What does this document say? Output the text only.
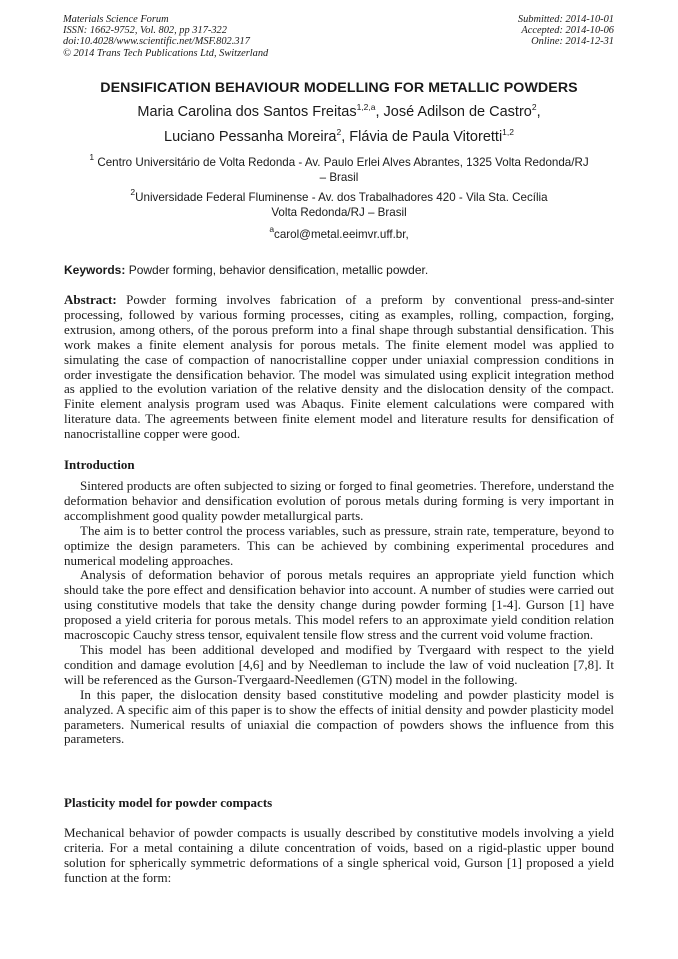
Materials Science Forum
ISSN: 1662-9752, Vol. 802, pp 317-322
doi:10.4028/www.scientific.net/MSF.802.317
© 2014 Trans Tech Publications Ltd, Switzerland
Submitted: 2014-10-01
Accepted: 2014-10-06
Online: 2014-12-31
DENSIFICATION BEHAVIOUR MODELLING FOR METALLIC POWDERS
Maria Carolina dos Santos Freitas$^{1,2,a}$, José Adilson de Castro$^2$,
Luciano Pessanha Moreira$^2$, Flávia de Paula Vitoretti$^{1,2}$
$^1$ Centro Universitário de Volta Redonda - Av. Paulo Erlei Alves Abrantes, 1325 Volta Redonda/RJ
– Brasil
$^2$Universidade Federal Fluminense - Av. dos Trabalhadores 420 - Vila Sta. Cecília
Volta Redonda/RJ – Brasil
$^a$carol@metal.eeimvr.uff.br,
Keywords: Powder forming, behavior densification, metallic powder.
Abstract: Powder forming involves fabrication of a preform by conventional press-and-sinter processing, followed by various forming processes, citing as examples, rolling, compaction, forging, extrusion, among others, of the porous preform into a final shape through substantial densification. This work makes a finite element analysis for porous metals. The finite element model was applied to simulating the case of compaction of nanocristalline copper under uniaxial compression conditions in order investigate the densification behavior. The model was simulated using explicit integration method as applied to the evolution variation of the relative density and the dislocation density of the compact. Finite element analysis program used was Abaqus. Finite element calculations were compared with literature data. The agreements between finite element model and literature results for densification of nanocristalline copper were good.
Introduction

Sintered products are often subjected to sizing or forged to final geometries. Therefore, understand the deformation behavior and densification evolution of porous metals during forming is very important in accomplishment good quality powder metallurgical parts.

The aim is to better control the process variables, such as pressure, strain rate, temperature, beyond to optimize the design parameters. This can be achieved by combining experimental procedures and numerical modeling approaches.

Analysis of deformation behavior of porous metals requires an appropriate yield function which should take the pore effect and densification behavior into account. A number of studies were carried out using constitutive models that take the density change during powder forming [1-4]. Gurson [1] have proposed a yield criteria for porous metals. This model refers to an approximate yield condition relation macroscopic Cauchy stress tensor, equivalent tensile flow stress and the current void volume fraction.

This model has been additional developed and modified by Tvergaard with respect to the yield condition and damage evolution [4,6] and by Needleman to include the law of void nucleation [7,8]. It will be referenced as the Gurson-Tvergaard-Needlemen (GTN) model in the following.

In this paper, the dislocation density based constitutive modeling and powder plasticity model is analyzed. A specific aim of this paper is to show the effects of initial density and powder plasticity model parameters. Numerical results of uniaxial die compaction of powders shows the influence from this parameters.

Plasticity model for powder compacts
Mechanical behavior of powder compacts is usually described by constitutive models involving a yield criteria. For a metal containing a dilute concentration of voids, based on a rigid-plastic upper bound solution for spherically symmetric deformations of a single spherical void, Gurson [1] proposed a yield function at the form:
